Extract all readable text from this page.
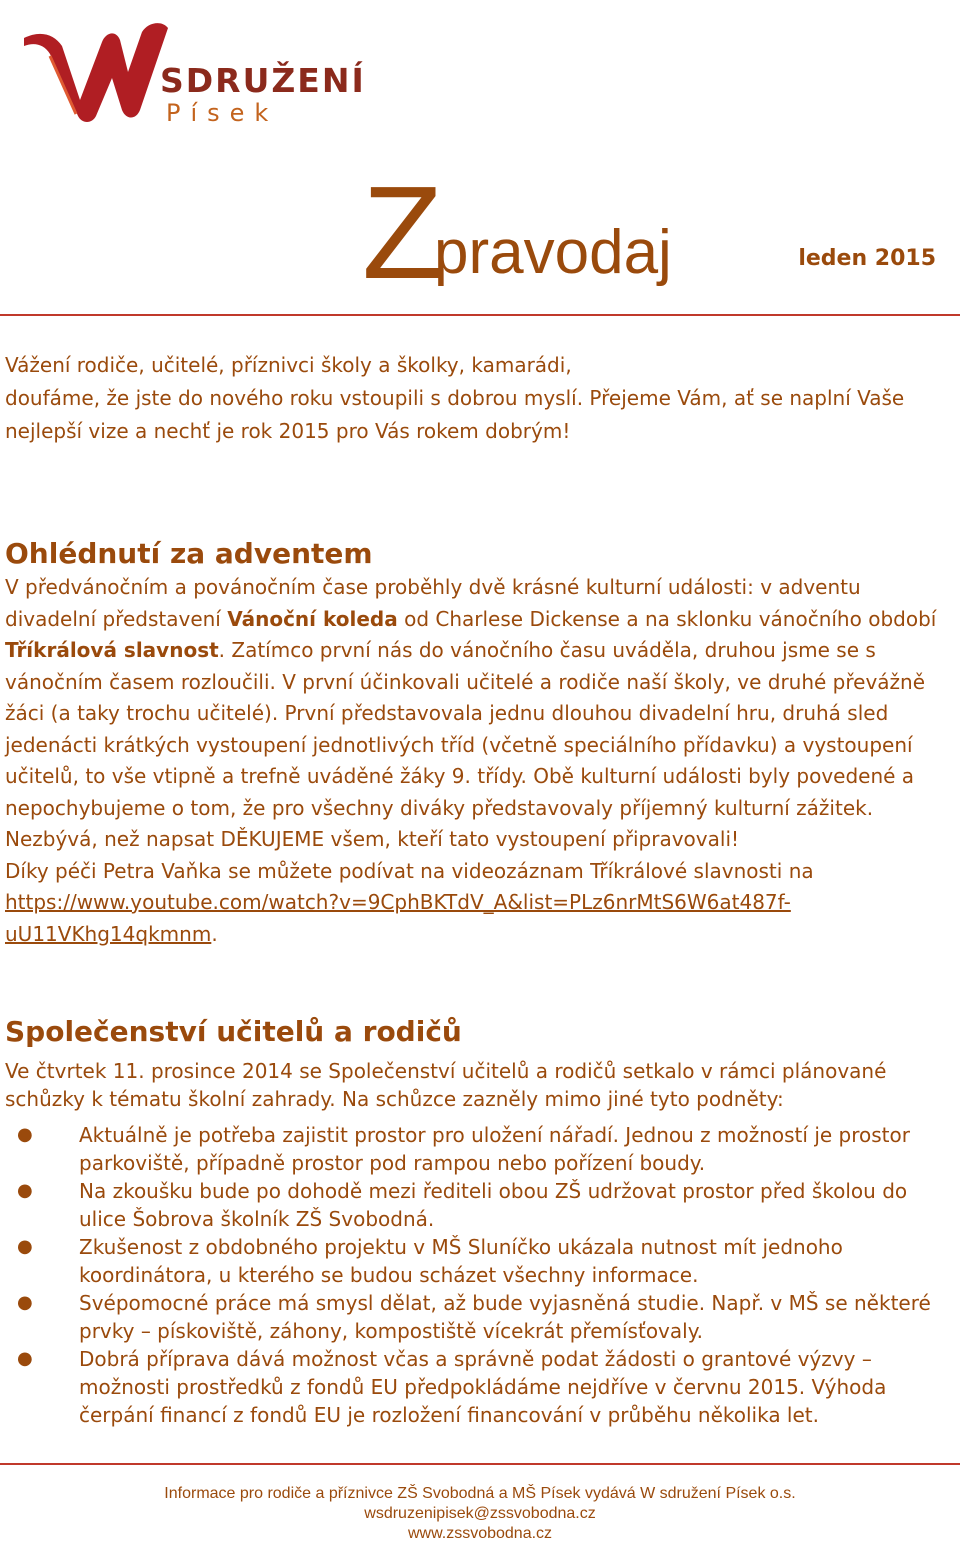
SDRUŽENÍ
Písek
Z
pravodaj	leden 2015

Vážení rodiče, učitelé, příznivci školy a školky, kamarádi,

doufáme, že jste do nového roku vstoupili s dobrou myslí. Přejeme Vám, ať se naplní Vaše nejlepší vize a nechť je rok 2015 pro Vás rokem dobrým!

Ohlédnutí za adventem

V předvánočním a povánočním čase proběhly dvě krásné kulturní události: v adventu divadelní představení Vánoční koleda od Charlese Dickense a na sklonku vánočního období Tříkrálová slavnost. Zatímco první nás do vánočního času uváděla, druhou jsme se s vánočním časem rozloučili. V první účinkovali učitelé a rodiče naší školy, ve druhé převážně žáci (a taky trochu učitelé). První představovala jednu dlouhou divadelní hru, druhá sled jedenácti krátkých vystoupení jednotlivých tříd (včetně speciálního přídavku) a vystoupení učitelů, to vše vtipně a trefně uváděné žáky 9. třídy. Obě kulturní události byly povedené a nepochybujeme o tom, že pro všechny diváky představovaly příjemný kulturní zážitek.

Nezbývá, než napsat DĚKUJEME všem, kteří tato vystoupení připravovali!

Díky péči Petra Vaňka se můžete podívat na videozáznam Tříkrálové slavnosti na

https://www.youtube.com/watch?v=9CphBKTdV_A&list=PLz6nrMtS6W6at487f-
uU11VKhg14qkmnm.

Společenství učitelů a rodičů

Ve čtvrtek 11. prosince 2014 se Společenství učitelů a rodičů setkalo v rámci plánované schůzky k tématu školní zahrady. Na schůzce zazněly mimo jiné tyto podněty:

● Aktuálně je potřeba zajistit prostor pro uložení nářadí. Jednou z možností je prostor parkoviště, případně prostor pod rampou nebo pořízení boudy.
● Na zkoušku bude po dohodě mezi řediteli obou ZŠ udržovat prostor před školou do ulice Šobrova školník ZŠ Svobodná.
● Zkušenost z obdobného projektu v MŠ Sluníčko ukázala nutnost mít jednoho koordinátora, u kterého se budou scházet všechny informace.
● Svépomocné práce má smysl dělat, až bude vyjasněná studie. Např. v MŠ se některé prvky – pískoviště, záhony, kompostiště vícekrát přemísťovaly.
● Dobrá příprava dává možnost včas a správně podat žádosti o grantové výzvy – možnosti prostředků z fondů EU předpokládáme nejdříve v červnu 2015. Výhoda čerpání financí z fondů EU je rozložení financování v průběhu několika let.
Informace pro rodiče a příznivce ZŠ Svobodná a MŠ Písek vydává W sdružení Písek o.s.
wsdruzenipisek@zssvobodna.cz
www.zssvobodna.cz
